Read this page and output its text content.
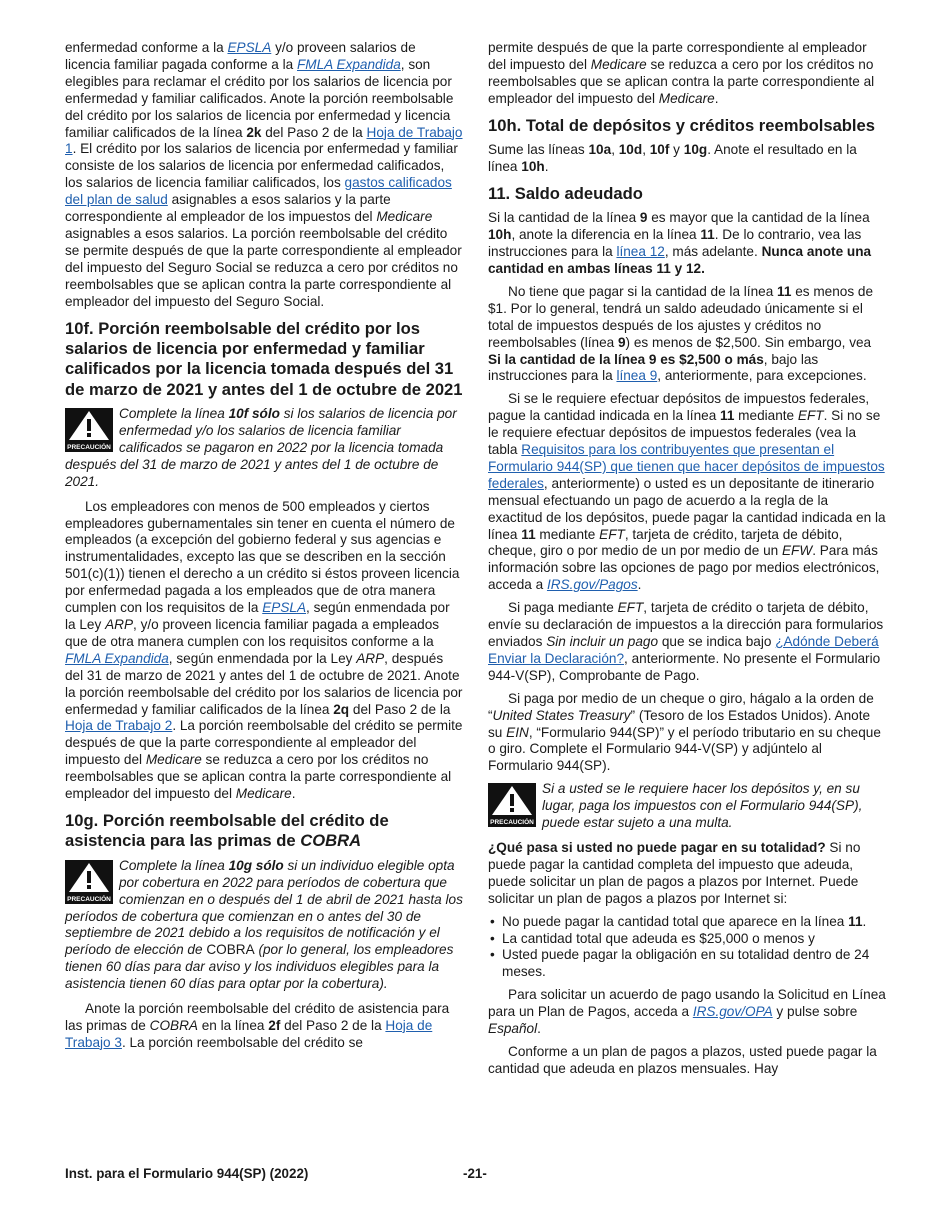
enfermedad conforme a la EPSLA y/o proveen salarios de licencia familiar pagada conforme a la FMLA Expandida, son elegibles para reclamar el crédito por los salarios de licencia por enfermedad y familiar calificados. Anote la porción reembolsable del crédito por los salarios de licencia por enfermedad y licencia familiar calificados de la línea 2k del Paso 2 de la Hoja de Trabajo 1. El crédito por los salarios de licencia por enfermedad y familiar consiste de los salarios de licencia por enfermedad calificados, los salarios de licencia familiar calificados, los gastos calificados del plan de salud asignables a esos salarios y la parte correspondiente al empleador de los impuestos del Medicare asignables a esos salarios. La porción reembolsable del crédito se permite después de que la parte correspondiente al empleador del impuesto del Seguro Social se reduzca a cero por créditos no reembolsables que se aplican contra la parte correspondiente al empleador del impuesto del Seguro Social.

10f. Porción reembolsable del crédito por los salarios de licencia por enfermedad y familiar calificados por la licencia tomada después del 31 de marzo de 2021 y antes del 1 de octubre de 2021
PRECAUCIÓN
Complete la línea 10f sólo si los salarios de licencia por enfermedad y/o los salarios de licencia familiar calificados se pagaron en 2022 por la licencia tomada después del 31 de marzo de 2021 y antes del 1 de octubre de 2021.

Los empleadores con menos de 500 empleados y ciertos empleadores gubernamentales sin tener en cuenta el número de empleados (a excepción del gobierno federal y sus agencias e instrumentalidades, excepto las que se describen en la sección 501(c)(1)) tienen el derecho a un crédito si éstos proveen licencia por enfermedad pagada a los empleados que de otra manera cumplen con los requisitos de la EPSLA, según enmendada por la Ley ARP, y/o proveen licencia familiar pagada a empleados que de otra manera cumplen con los requisitos conforme a la FMLA Expandida, según enmendada por la Ley ARP, después del 31 de marzo de 2021 y antes del 1 de octubre de 2021. Anote la porción reembolsable del crédito por los salarios de licencia por enfermedad y familiar calificados de la línea 2q del Paso 2 de la Hoja de Trabajo 2. La porción reembolsable del crédito se permite después de que la parte correspondiente al empleador del impuesto del Medicare se reduzca a cero por los créditos no reembolsables que se aplican contra la parte correspondiente al empleador del impuesto del Medicare.

10g. Porción reembolsable del crédito de asistencia para las primas de COBRA
PRECAUCIÓN
Complete la línea 10g sólo si un individuo elegible opta por cobertura en 2022 para períodos de cobertura que comienzan en o después del 1 de abril de 2021 hasta los períodos de cobertura que comienzan en o antes del 30 de septiembre de 2021 debido a los requisitos de notificación y el período de elección de COBRA (por lo general, los empleadores tienen 60 días para dar aviso y los individuos elegibles para la asistencia tienen 60 días para optar por la cobertura).

Anote la porción reembolsable del crédito de asistencia para las primas de COBRA en la línea 2f del Paso 2 de la Hoja de Trabajo 3. La porción reembolsable del crédito se

permite después de que la parte correspondiente al empleador del impuesto del Medicare se reduzca a cero por los créditos no reembolsables que se aplican contra la parte correspondiente al empleador del impuesto del Medicare.

10h. Total de depósitos y créditos reembolsables

Sume las líneas 10a, 10d, 10f y 10g. Anote el resultado en la línea 10h.

11. Saldo adeudado

Si la cantidad de la línea 9 es mayor que la cantidad de la línea 10h, anote la diferencia en la línea 11. De lo contrario, vea las instrucciones para la línea 12, más adelante. Nunca anote una cantidad en ambas líneas 11 y 12.

No tiene que pagar si la cantidad de la línea 11 es menos de $1. Por lo general, tendrá un saldo adeudado únicamente si el total de impuestos después de los ajustes y créditos no reembolsables (línea 9) es menos de $2,500. Sin embargo, vea Si la cantidad de la línea 9 es $2,500 o más, bajo las instrucciones para la línea 9, anteriormente, para excepciones.

Si se le requiere efectuar depósitos de impuestos federales, pague la cantidad indicada en la línea 11 mediante EFT. Si no se le requiere efectuar depósitos de impuestos federales (vea la tabla Requisitos para los contribuyentes que presentan el Formulario 944(SP) que tienen que hacer depósitos de impuestos federales, anteriormente) o usted es un depositante de itinerario mensual efectuando un pago de acuerdo a la regla de la exactitud de los depósitos, puede pagar la cantidad indicada en la línea 11 mediante EFT, tarjeta de crédito, tarjeta de débito, cheque, giro o por medio de un por medio de un EFW. Para más información sobre las opciones de pago por medios electrónicos, acceda a IRS.gov/Pagos.

Si paga mediante EFT, tarjeta de crédito o tarjeta de débito, envíe su declaración de impuestos a la dirección para formularios enviados Sin incluir un pago que se indica bajo ¿Adónde Deberá Enviar la Declaración?, anteriormente. No presente el Formulario 944-V(SP), Comprobante de Pago.

Si paga por medio de un cheque o giro, hágalo a la orden de “United States Treasury” (Tesoro de los Estados Unidos). Anote su EIN, “Formulario 944(SP)” y el período tributario en su cheque o giro. Complete el Formulario 944-V(SP) y adjúntelo al Formulario 944(SP).

PRECAUCIÓN
Si a usted se le requiere hacer los depósitos y, en su lugar, paga los impuestos con el Formulario 944(SP), puede estar sujeto a una multa.

¿Qué pasa si usted no puede pagar en su totalidad? Si no puede pagar la cantidad completa del impuesto que adeuda, puede solicitar un plan de pagos a plazos por Internet. Puede solicitar un plan de pagos a plazos por Internet si:

• No puede pagar la cantidad total que aparece en la línea 11.
• La cantidad total que adeuda es $25,000 o menos y
• Usted puede pagar la obligación en su totalidad dentro de 24 meses.

Para solicitar un acuerdo de pago usando la Solicitud en Línea para un Plan de Pagos, acceda a IRS.gov/OPA y pulse sobre Español.

Conforme a un plan de pagos a plazos, usted puede pagar la cantidad que adeuda en plazos mensuales. Hay

Inst. para el Formulario 944(SP) (2022)	-21-
